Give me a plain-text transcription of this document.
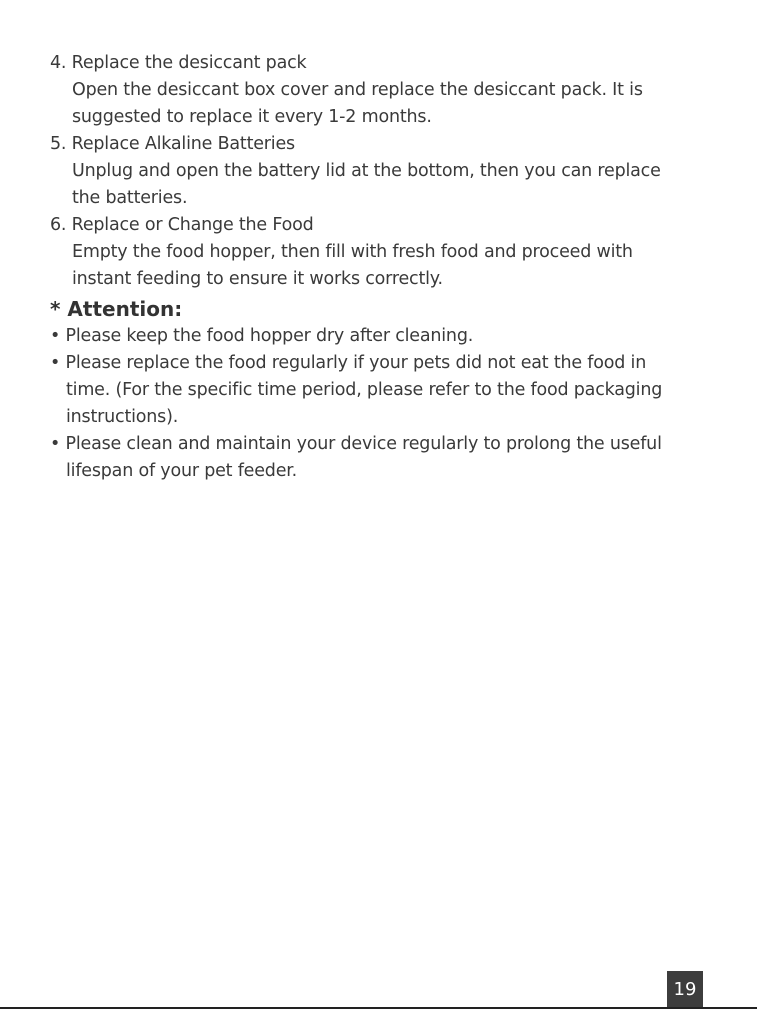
4. Replace the desiccant pack
Open the desiccant box cover and replace the desiccant pack. It is
suggested to replace it every 1-2 months.
5. Replace Alkaline Batteries
Unplug and open the battery lid at the bottom, then you can replace
the batteries.
6. Replace or Change the Food
Empty the food hopper, then fill with fresh food and proceed with
instant feeding to ensure it works correctly.
* Attention:
• Please keep the food hopper dry after cleaning.
• Please replace the food regularly if your pets did not eat the food in
time. (For the specific time period, please refer to the food packaging
instructions).
• Please clean and maintain your device regularly to prolong the useful
lifespan of your pet feeder.
19
